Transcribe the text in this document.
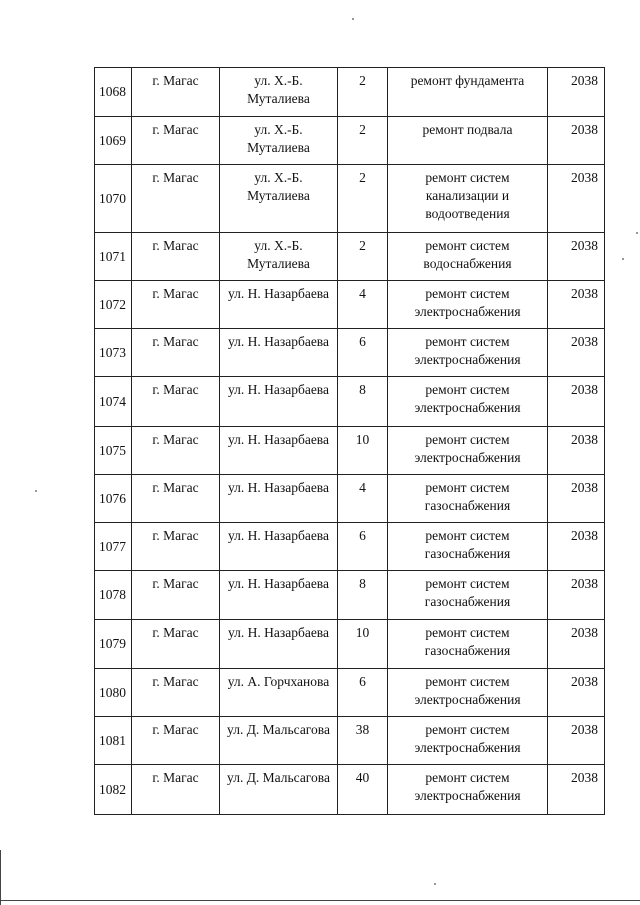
1068	г. Магас	ул. Х.-Б. Муталиева	2	ремонт фундамента	2038
1069	г. Магас	ул. Х.-Б. Муталиева	2	ремонт подвала	2038
1070	г. Магас	ул. Х.-Б. Муталиева	2	ремонт систем канализации и водоотведения	2038
1071	г. Магас	ул. Х.-Б. Муталиева	2	ремонт систем водоснабжения	2038
1072	г. Магас	ул. Н. Назарбаева	4	ремонт систем электроснабжения	2038
1073	г. Магас	ул. Н. Назарбаева	6	ремонт систем электроснабжения	2038
1074	г. Магас	ул. Н. Назарбаева	8	ремонт систем электроснабжения	2038
1075	г. Магас	ул. Н. Назарбаева	10	ремонт систем электроснабжения	2038
1076	г. Магас	ул. Н. Назарбаева	4	ремонт систем газоснабжения	2038
1077	г. Магас	ул. Н. Назарбаева	6	ремонт систем газоснабжения	2038
1078	г. Магас	ул. Н. Назарбаева	8	ремонт систем газоснабжения	2038
1079	г. Магас	ул. Н. Назарбаева	10	ремонт систем газоснабжения	2038
1080	г. Магас	ул. А. Горчханова	6	ремонт систем электроснабжения	2038
1081	г. Магас	ул. Д. Мальсагова	38	ремонт систем электроснабжения	2038
1082	г. Магас	ул. Д. Мальсагова	40	ремонт систем электроснабжения	2038
